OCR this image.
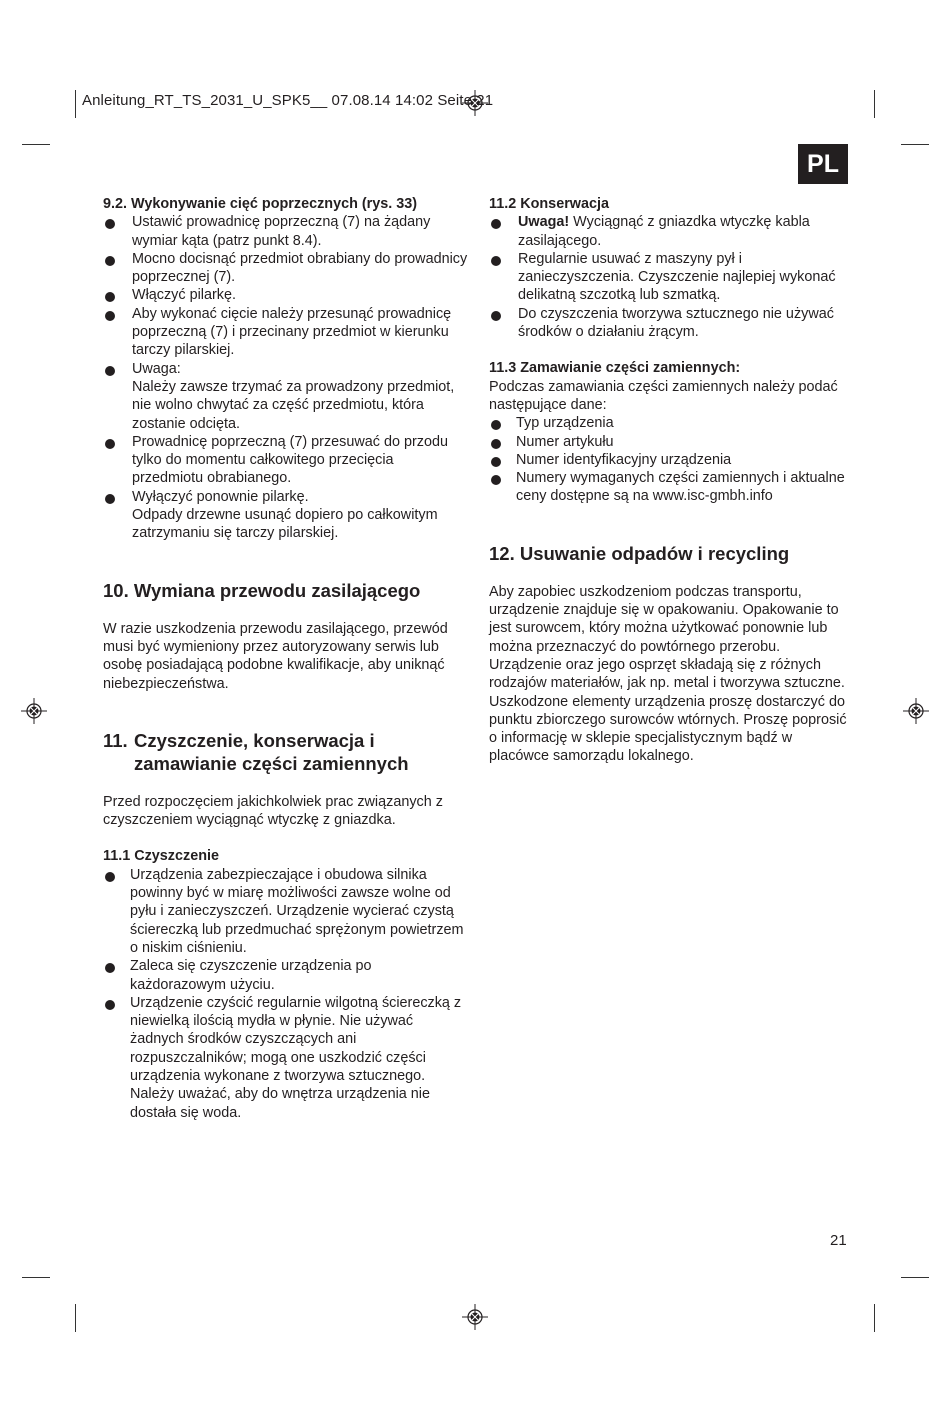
Anleitung_RT_TS_2031_U_SPK5__ 07.08.14 14:02 Seite 21
PL

9.2. Wykonywanie cięć poprzecznych (rys. 33)

Ustawić prowadnicę poprzeczną (7) na żądany wymiar kąta (patrz punkt 8.4).
Mocno docisnąć przedmiot obrabiany do prowadnicy poprzecznej (7).
Włączyć pilarkę.
Aby wykonać cięcie należy przesunąć prowadnicę poprzeczną (7) i przecinany przedmiot w kierunku tarczy pilarskiej.
Uwaga:
Należy zawsze trzymać za prowadzony przedmiot, nie wolno chwytać za część przedmiotu, która zostanie odcięta.
Prowadnicę poprzeczną (7) przesuwać do przodu tylko do momentu całkowitego przecięcia przedmiotu obrabianego.
Wyłączyć ponownie pilarkę.
Odpady drzewne usunąć dopiero po całkowitym zatrzymaniu się tarczy pilarskiej.

10. Wymiana przewodu zasilającego

W razie uszkodzenia przewodu zasilającego, przewód musi być wymieniony przez autoryzowany serwis lub osobę posiadającą podobne kwalifikacje, aby uniknąć niebezpieczeństwa.

11. Czyszczenie, konserwacja i zamawianie części zamiennych

Przed rozpoczęciem jakichkolwiek prac związanych z czyszczeniem wyciągnąć wtyczkę z gniazdka.

11.1 Czyszczenie

Urządzenia zabezpieczające i obudowa silnika powinny być w miarę możliwości zawsze wolne od pyłu i zanieczyszczeń. Urządzenie wycierać czystą ściereczką lub przedmuchać sprężonym powietrzem o niskim ciśnieniu.
Zaleca się czyszczenie urządzenia po każdorazowym użyciu.
Urządzenie czyścić regularnie wilgotną ściereczką z niewielką ilością mydła w płynie. Nie używać żadnych środków czyszczących ani rozpuszczalników; mogą one uszkodzić części urządzenia wykonane z tworzywa sztucznego. Należy uważać, aby do wnętrza urządzenia nie dostała się woda.

11.2 Konserwacja

Uwaga! Wyciągnąć z gniazdka wtyczkę kabla zasilającego.
Regularnie usuwać z maszyny pył i zanieczyszczenia. Czyszczenie najlepiej wykonać delikatną szczotką lub szmatką.
Do czyszczenia tworzywa sztucznego nie używać środków o działaniu żrącym.

11.3 Zamawianie części zamiennych:

Podczas zamawiania części zamiennych należy podać następujące dane:

Typ urządzenia
Numer artykułu
Numer identyfikacyjny urządzenia
Numery wymaganych części zamiennych i aktualne ceny dostępne są na www.isc-gmbh.info

12. Usuwanie odpadów i recycling

Aby zapobiec uszkodzeniom podczas transportu, urządzenie znajduje się w opakowaniu. Opakowanie to jest surowcem, który można użytkować ponownie lub można przeznaczyć do powtórnego przerobu. Urządzenie oraz jego osprzęt składają się z różnych rodzajów materiałów, jak np. metal i tworzywa sztuczne. Uszkodzone elementy urządzenia proszę dostarczyć do punktu zbiorczego surowców wtórnych. Proszę poprosić o informację w sklepie specjalistycznym bądź w placówce samorządu lokalnego.

21
